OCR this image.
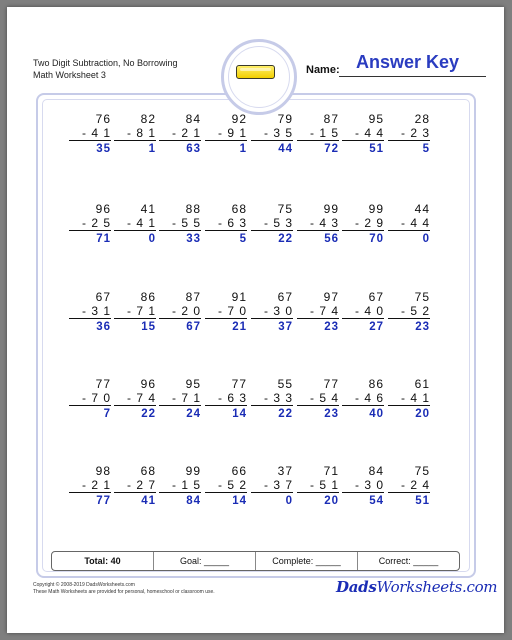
Two Digit Subtraction, No Borrowing
Math Worksheet 3	Name: Answer Key
76
- 4 1
35
82
- 8 1
1
84
- 2 1
63
92
- 9 1
1
79
- 3 5
44
87
- 1 5
72
95
- 4 4
51
28
- 2 3
5
96
- 2 5
71
41
- 4 1
0
88
- 5 5
33
68
- 6 3
5
75
- 5 3
22
99
- 4 3
56
99
- 2 9
70
44
- 4 4
0
67
- 3 1
36
86
- 7 1
15
87
- 2 0
67
91
- 7 0
21
67
- 3 0
37
97
- 7 4
23
67
- 4 0
27
75
- 5 2
23
77
- 7 0
7
96
- 7 4
22
95
- 7 1
24
77
- 6 3
14
55
- 3 3
22
77
- 5 4
23
86
- 4 6
40
61
- 4 1
20
98
- 2 1
77
68
- 2 7
41
99
- 1 5
84
66
- 5 2
14
37
- 3 7
0
71
- 5 1
20
84
- 3 0
54
75
- 2 4
51
Total: 40	Goal: _____	Complete: _____	Correct: _____
Copyright © 2008-2019 DadsWorksheets.com
These Math Worksheets are provided for personal, homeschool or classroom use.	DadsWorksheets.com
